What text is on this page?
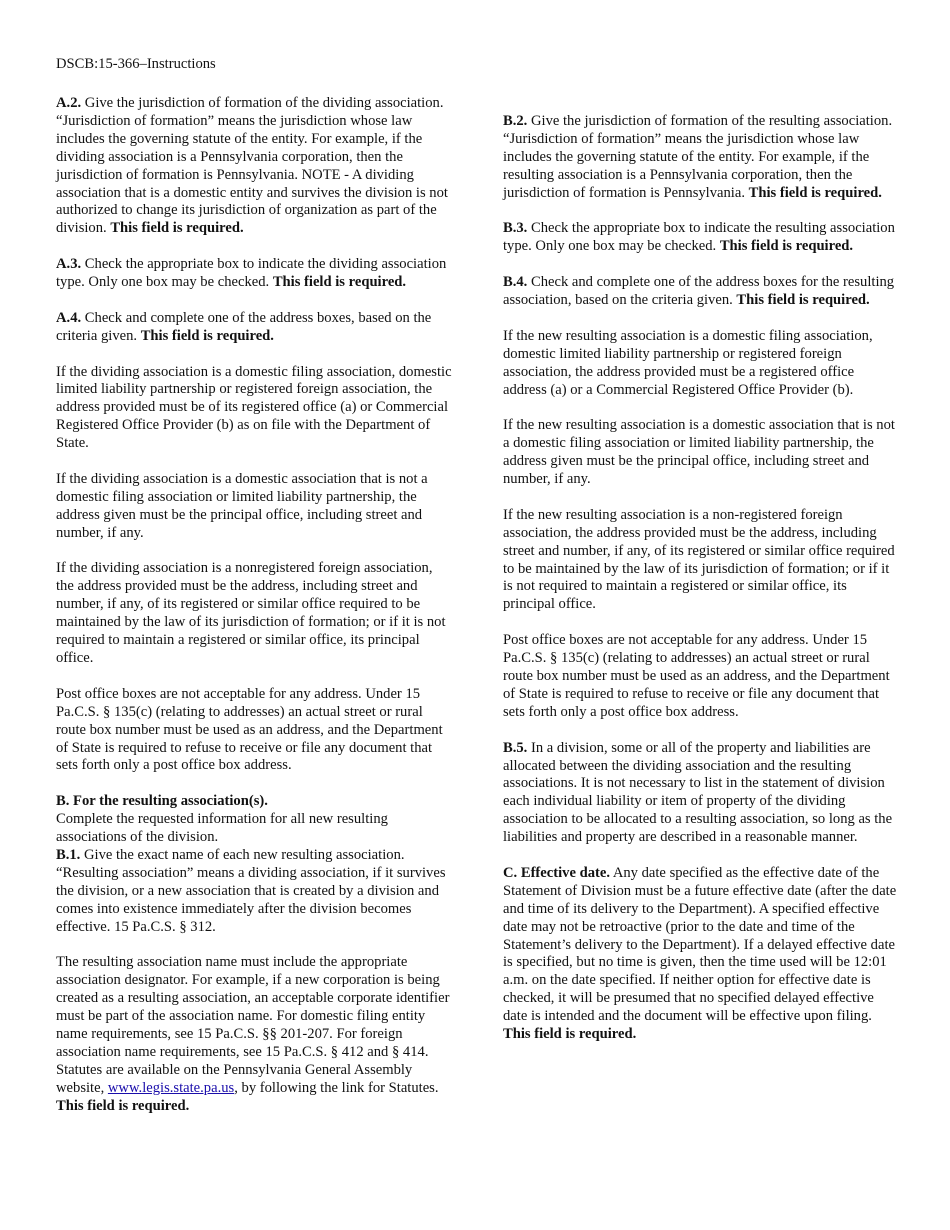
DSCB:15-366–Instructions

A.2. Give the jurisdiction of formation of the dividing association. “Jurisdiction of formation” means the jurisdiction whose law includes the governing statute of the entity. For example, if the dividing association is a Pennsylvania corporation, then the jurisdiction of formation is Pennsylvania. NOTE - A dividing association that is a domestic entity and survives the division is not authorized to change its jurisdiction of organization as part of the division. This field is required.

A.3. Check the appropriate box to indicate the dividing association type. Only one box may be checked. This field is required.

A.4. Check and complete one of the address boxes, based on the criteria given. This field is required.

If the dividing association is a domestic filing association, domestic limited liability partnership or registered foreign association, the address provided must be of its registered office (a) or Commercial Registered Office Provider (b) as on file with the Department of State.

If the dividing association is a domestic association that is not a domestic filing association or limited liability partnership, the address given must be the principal office, including street and number, if any.

If the dividing association is a nonregistered foreign association, the address provided must be the address, including street and number, if any, of its registered or similar office required to be maintained by the law of its jurisdiction of formation; or if it is not required to maintain a registered or similar office, its principal office.

Post office boxes are not acceptable for any address. Under 15 Pa.C.S. § 135(c) (relating to addresses) an actual street or rural route box number must be used as an address, and the Department of State is required to refuse to receive or file any document that sets forth only a post office box address.

B. For the resulting association(s).

Complete the requested information for all new resulting associations of the division.

B.1. Give the exact name of each new resulting association. “Resulting association” means a dividing association, if it survives the division, or a new association that is created by a division and comes into existence immediately after the division becomes effective. 15 Pa.C.S. § 312.

The resulting association name must include the appropriate association designator. For example, if a new corporation is being created as a resulting association, an acceptable corporate identifier must be part of the association name. For domestic filing entity name requirements, see 15 Pa.C.S. §§ 201-207. For foreign association name requirements, see 15 Pa.C.S. § 412 and § 414. Statutes are available on the Pennsylvania General Assembly website, www.legis.state.pa.us, by following the link for Statutes.
This field is required.

B.2. Give the jurisdiction of formation of the resulting association. “Jurisdiction of formation” means the jurisdiction whose law includes the governing statute of the entity. For example, if the resulting association is a Pennsylvania corporation, then the jurisdiction of formation is Pennsylvania. This field is required.

B.3. Check the appropriate box to indicate the resulting association type. Only one box may be checked. This field is required.

B.4. Check and complete one of the address boxes for the resulting association, based on the criteria given. This field is required.

If the new resulting association is a domestic filing association, domestic limited liability partnership or registered foreign association, the address provided must be a registered office address (a) or a Commercial Registered Office Provider (b).

If the new resulting association is a domestic association that is not a domestic filing association or limited liability partnership, the address given must be the principal office, including street and number, if any.

If the new resulting association is a non-registered foreign association, the address provided must be the address, including street and number, if any, of its registered or similar office required to be maintained by the law of its jurisdiction of formation; or if it is not required to maintain a registered or similar office, its principal office.

Post office boxes are not acceptable for any address. Under 15 Pa.C.S. § 135(c) (relating to addresses) an actual street or rural route box number must be used as an address, and the Department of State is required to refuse to receive or file any document that sets forth only a post office box address.

B.5. In a division, some or all of the property and liabilities are allocated between the dividing association and the resulting associations. It is not necessary to list in the statement of division each individual liability or item of property of the dividing association to be allocated to a resulting association, so long as the liabilities and property are described in a reasonable manner.

C. Effective date. Any date specified as the effective date of the Statement of Division must be a future effective date (after the date and time of its delivery to the Department). A specified effective date may not be retroactive (prior to the date and time of the Statement’s delivery to the Department). If a delayed effective date is specified, but no time is given, then the time used will be 12:01 a.m. on the date specified. If neither option for effective date is checked, it will be presumed that no specified delayed effective date is intended and the document will be effective upon filing. This field is required.
